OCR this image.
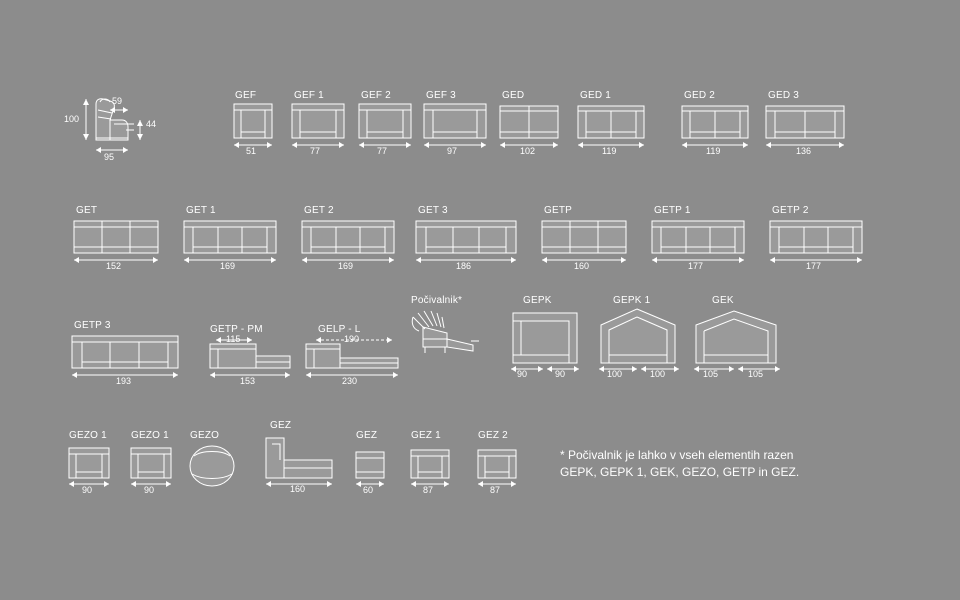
100
59
44
95
GEF
51
GEF 1
77
GEF 2
77
GEF 3
97
GED
102
GED 1
119
GED 2
119
GED 3
136
GET
152
GET 1
169
GET 2
169
GET 3
186
GETP
160
GETP 1
177
GETP 2
177
GETP 3
193
GETP - PM
115
153
GELP - L
190
230
Počivalnik*	GEPK
90	90
GEPK 1
100	100
GEK
105	105
GEZO 1
90
GEZO 1
90
GEZO
GEZ
160
GEZ
60
GEZ 1
87
GEZ 2
87
* Počivalnik je lahko v vseh elementih razen
GEPK, GEPK 1, GEK, GEZO, GETP in GEZ.
